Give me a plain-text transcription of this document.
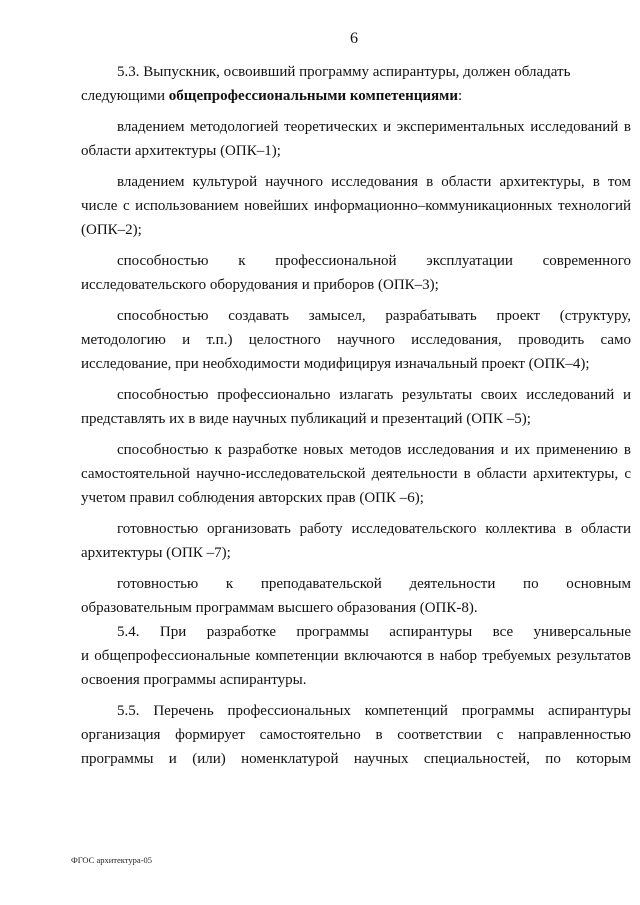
6
5.3. Выпускник, освоивший программу аспирантуры, должен обладать
следующими общепрофессиональными компетенциями:
владением методологией теоретических и экспериментальных исследований в
области архитектуры (ОПК–1);
владением культурой научного исследования в области архитектуры, в том
числе с использованием новейших информационно–коммуникационных технологий
(ОПК–2);
способностью к профессиональной эксплуатации современного
исследовательского оборудования и приборов (ОПК–3);
способностью создавать замысел, разрабатывать проект (структуру,
методологию и т.п.) целостного научного исследования, проводить само
исследование, при необходимости модифицируя изначальный проект (ОПК–4);
способностью профессионально излагать результаты своих исследований и
представлять их в виде научных публикаций и презентаций (ОПК –5);
способностью к разработке новых методов исследования и их применению в
самостоятельной научно-исследовательской деятельности в области архитектуры, с
учетом правил соблюдения авторских прав (ОПК –6);
готовностью организовать работу исследовательского коллектива в области
архитектуры (ОПК –7);
готовностью к преподавательской деятельности по основным
образовательным программам высшего образования (ОПК-8).
5.4. При разработке программы аспирантуры все универсальные
и общепрофессиональные компетенции включаются в набор требуемых результатов
освоения программы аспирантуры.
5.5. Перечень профессиональных компетенций программы аспирантуры
организация формирует самостоятельно в соответствии с направленностью
программы и (или) номенклатурой научных специальностей, по которым
ФГОС архитектура-05
